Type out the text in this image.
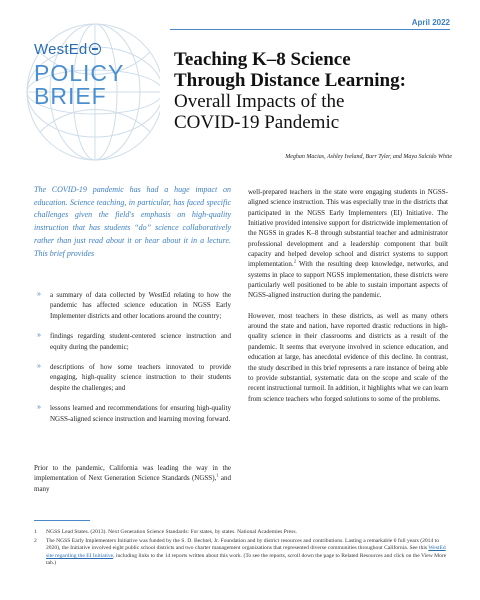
April 2022
WestEd
POLICY
BRIEF
Teaching K–8 Science
Through Distance Learning:
Overall Impacts of the
COVID-19 Pandemic
Meghan Macias, Ashley Iveland, Burr Tyler, and Maya Salcido White
The COVID-19 pandemic has had a huge impact on education. Science teaching, in particular, has faced specific challenges given the field's emphasis on high-quality instruction that has students “do” science collaboratively rather than just read about it or hear about it in a lecture. This brief provides
» a summary of data collected by WestEd relating to how the pandemic has affected science education in NGSS Early Implementer districts and other locations around the country;
» findings regarding student-centered science instruction and equity during the pandemic;
» descriptions of how some teachers innovated to provide engaging, high-quality science instruction to their students despite the challenges; and
» lessons learned and recommendations for ensuring high-quality NGSS-aligned science instruction and learning moving forward.
Prior to the pandemic, California was leading the way in the implementation of Next Generation Science Standards (NGSS),$^1$ and many

well-prepared teachers in the state were engaging students in NGSS-aligned science instruction. This was especially true in the districts that participated in the NGSS Early Implementers (EI) Initiative. The Initiative provided intensive support for districtwide implementation of the NGSS in grades K–8 through substantial teacher and administrator professional development and a leadership component that built capacity and helped develop school and district systems to support implementation.$^2$ With the resulting deep knowledge, networks, and systems in place to support NGSS implementation, these districts were particularly well positioned to be able to sustain important aspects of NGSS-aligned instruction during the pandemic.

However, most teachers in these districts, as well as many others around the state and nation, have reported drastic reductions in high-quality science in their classrooms and districts as a result of the pandemic. It seems that everyone involved in science education, and education at large, has anecdotal evidence of this decline. In contrast, the study described in this brief represents a rare instance of being able to provide substantial, systematic data on the scope and scale of the recent instructional turmoil. In addition, it highlights what we can learn from science teachers who forged solutions to some of the problems.

1 NGSS Lead States. (2013). Next Generation Science Standards: For states, by states. National Academies Press.
2 The NGSS Early Implementers Initiative was funded by the S. D. Bechtel, Jr. Foundation and by district resources and contributions. Lasting a remarkable 6 full years (2014 to 2020), the Initiative involved eight public school districts and two charter management organizations that represented diverse communities throughout California. See this WestEd site regarding the EI Initiative, including links to the 14 reports written about this work. (To see the reports, scroll down the page to Related Resources and click on the View More tab.)
